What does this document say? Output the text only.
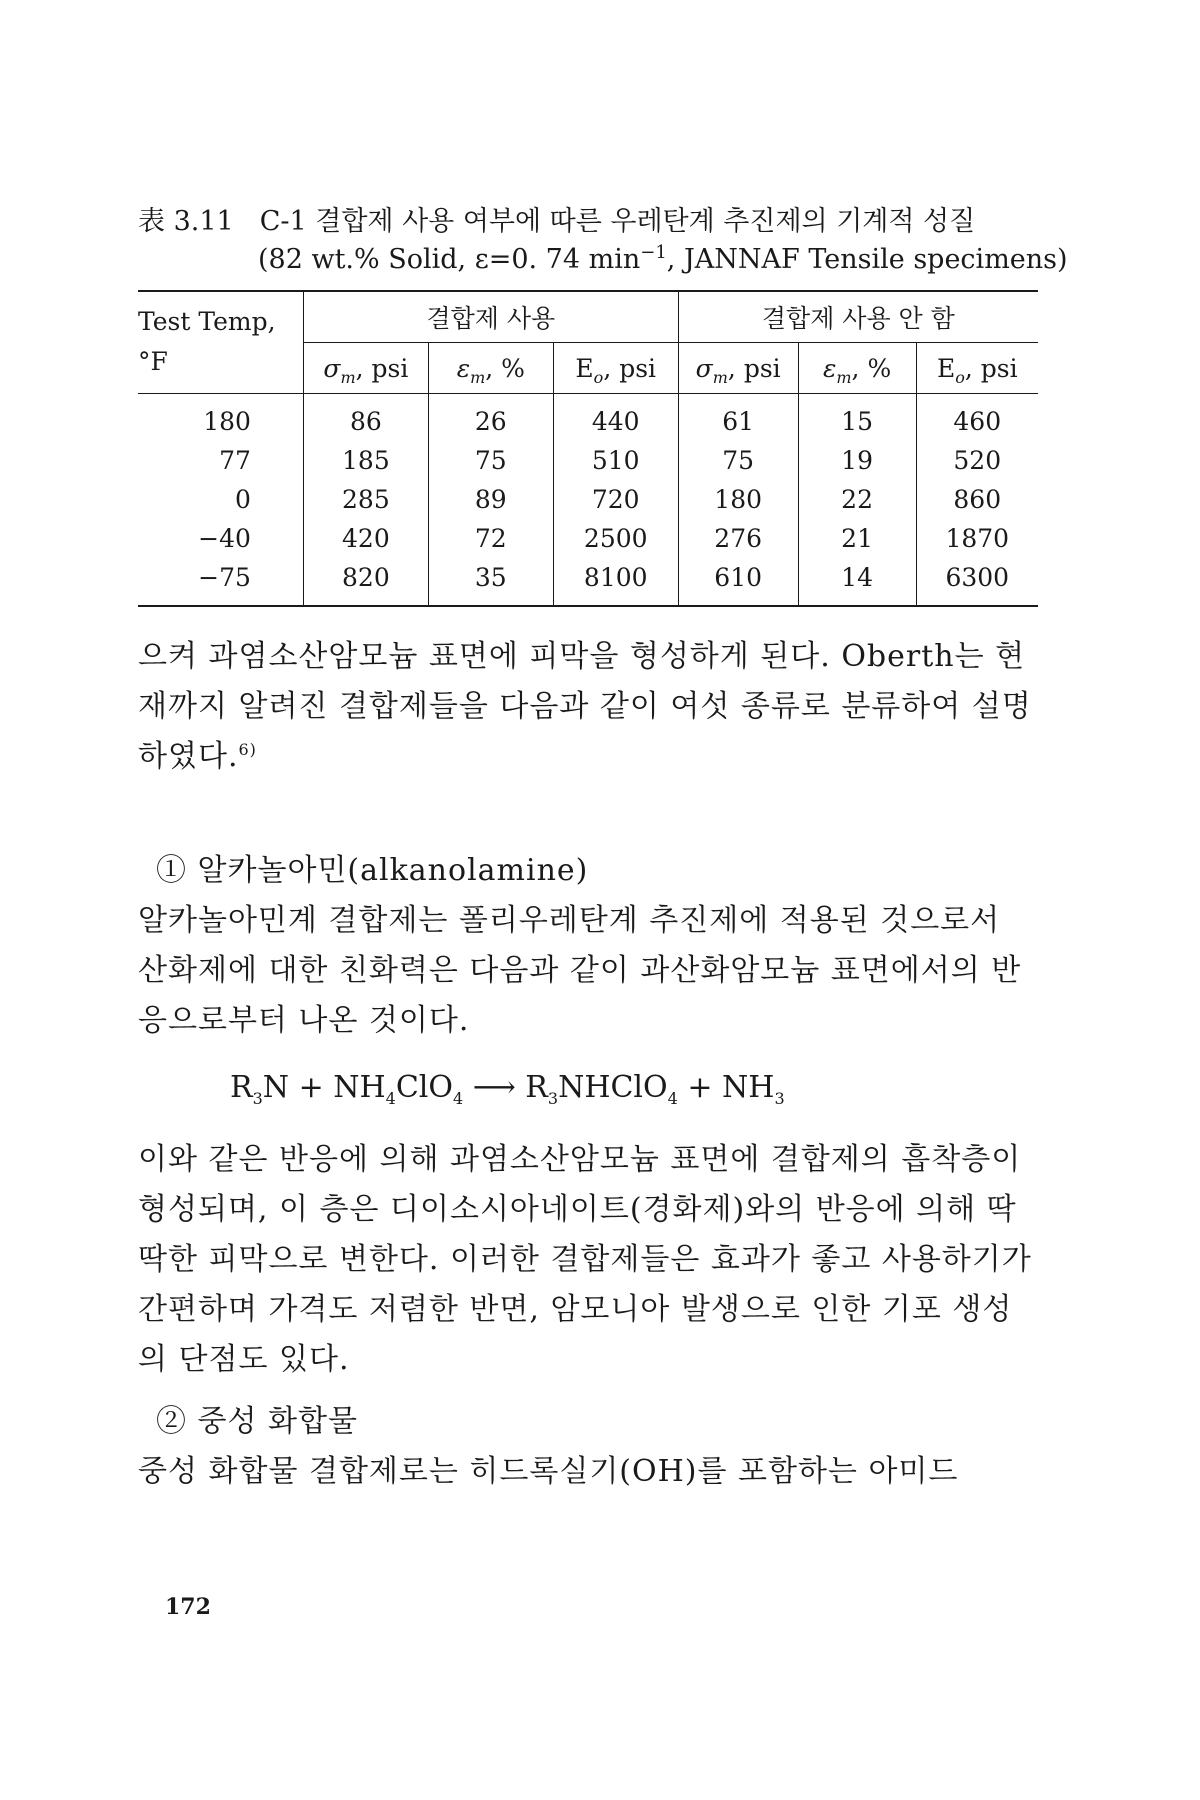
表 3.11 C-1 결합제 사용 여부에 따른 우레탄계 추진제의 기계적 성질
(82 wt.% Solid, ε=0. 74 $\min^{-1}$, JANNAF Tensile specimens)
Test Temp,
°F	결합제 사용			결합제 사용 안 함		
	$\sigma_m$, psi	$\varepsilon_m$, %	$E_o$, psi	$\sigma_m$, psi	$\varepsilon_m$, %	$E_o$, psi
180	86	26	440	61	15	460
77	185	75	510	75	19	520
0	285	89	720	180	22	860
−40	420	72	2500	276	21	1870
−75	820	35	8100	610	14	6300
으켜 과염소산암모늄 표면에 피막을 형성하게 된다. Oberth는 현재까지 알려진 결합제들을 다음과 같이 여섯 종류로 분류하여 설명하였다.$^{6)}$
① 알카놀아민(alkanolamine)
알카놀아민계 결합제는 폴리우레탄계 추진제에 적용된 것으로서 산화제에 대한 친화력은 다음과 같이 과산화암모늄 표면에서의 반응으로부터 나온 것이다.
$R_3N + NH_4ClO_4$ ⟶ $R_3NHClO_4 + NH_3$
이와 같은 반응에 의해 과염소산암모늄 표면에 결합제의 흡착층이 형성되며, 이 층은 디이소시아네이트(경화제)와의 반응에 의해 딱딱한 피막으로 변한다. 이러한 결합제들은 효과가 좋고 사용하기가 간편하며 가격도 저렴한 반면, 암모니아 발생으로 인한 기포 생성의 단점도 있다.
② 중성 화합물
중성 화합물 결합제로는 히드록실기(OH)를 포함하는 아미드
172
